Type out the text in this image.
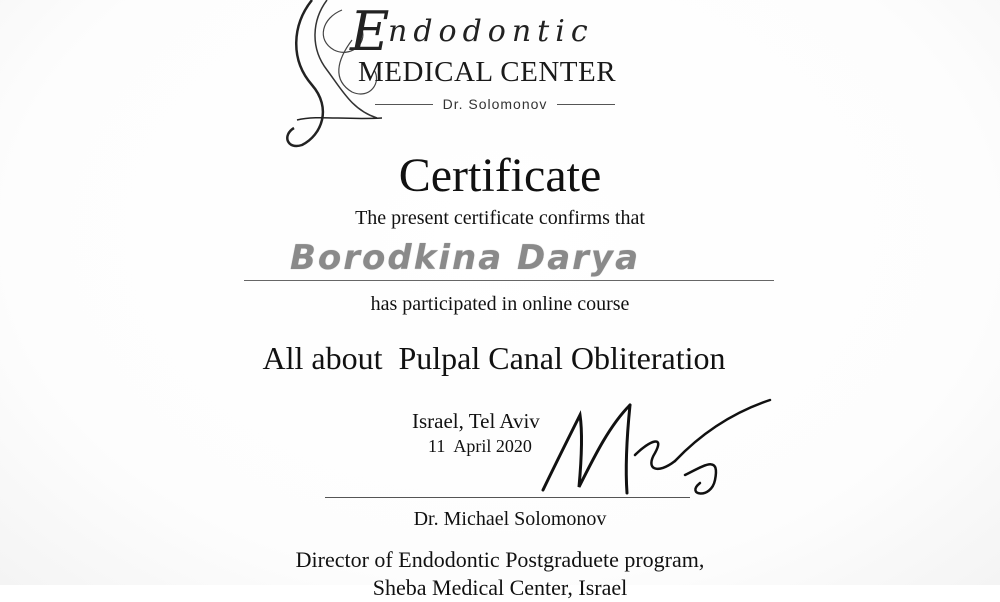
E
ndodontic
MEDICAL CENTER
Dr. Solomonov
Certificate
The present certificate confirms that
Borodkina Darya
has participated in online course
All about  Pulpal Canal Obliteration
Israel, Tel Aviv
11  April 2020
Dr. Michael Solomonov
Director of Endodontic Postgraduete program,
Sheba Medical Center, Israel
